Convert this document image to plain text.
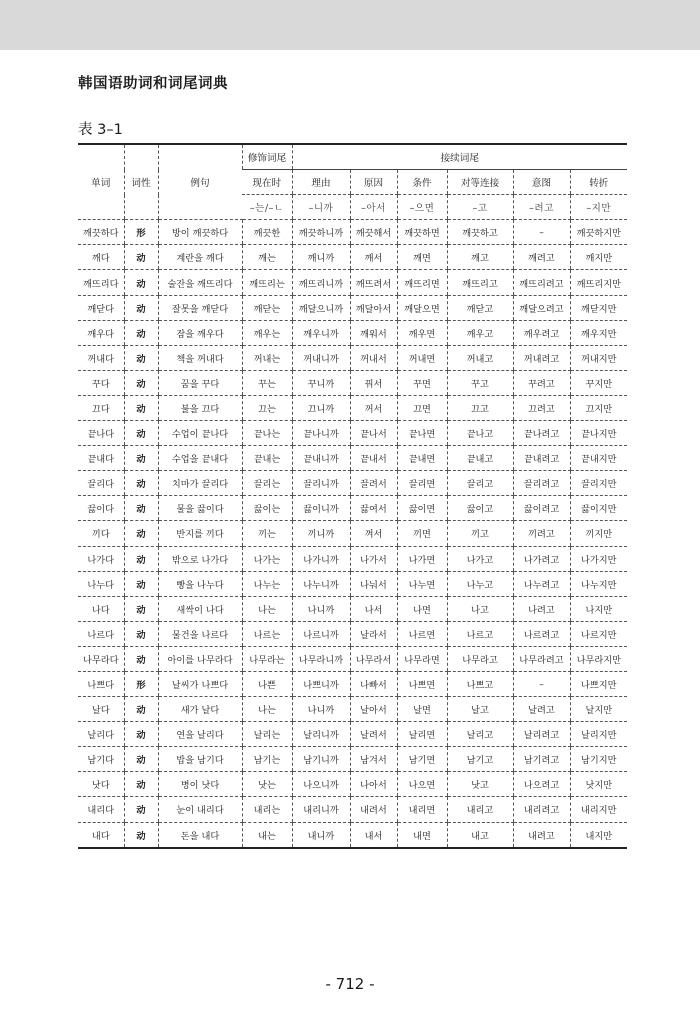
韩国语助词和词尾词典
表 3–1
单词	词性	例句	修饰词尾	接续词尾					
			现在时	理由	原因	条件	对等连接	意图	转折
			–는/–ㄴ	–니까	–아서	–으면	–고	–려고	–지만
깨끗하다	形	방이 깨끗하다	깨끗한	깨끗하니까	깨끗해서	깨끗하면	깨끗하고	–	깨끗하지만
깨다	动	계란을 깨다	깨는	깨니까	깨서	깨면	깨고	깨려고	깨지만
깨뜨리다	动	술잔을 깨뜨리다	깨뜨리는	깨뜨리니까	깨뜨려서	깨뜨리면	깨뜨리고	깨뜨리려고	깨뜨리지만
깨닫다	动	잘못을 깨닫다	깨닫는	깨달으니까	깨달아서	깨달으면	깨닫고	깨달으려고	깨닫지만
깨우다	动	잠을 깨우다	깨우는	깨우니까	깨워서	깨우면	깨우고	깨우려고	깨우지만
꺼내다	动	책을 꺼내다	꺼내는	꺼내니까	꺼내서	꺼내면	꺼내고	꺼내려고	꺼내지만
꾸다	动	꿈을 꾸다	꾸는	꾸니까	꿔서	꾸면	꾸고	꾸려고	꾸지만
끄다	动	불을 끄다	끄는	끄니까	꺼서	끄면	끄고	끄려고	끄지만
끝나다	动	수업이 끝나다	끝나는	끝나니까	끝나서	끝나면	끝나고	끝나려고	끝나지만
끝내다	动	수업을 끝내다	끝내는	끝내니까	끝내서	끝내면	끝내고	끝내려고	끝내지만
끌리다	动	치마가 끌리다	끌리는	끌리니까	끌려서	끌리면	끌리고	끌리려고	끌리지만
끓이다	动	물을 끓이다	끓이는	끓이니까	끓여서	끓이면	끓이고	끓이려고	끓이지만
끼다	动	반지를 끼다	끼는	끼니까	껴서	끼면	끼고	끼려고	끼지만
나가다	动	밖으로 나가다	나가는	나가니까	나가서	나가면	나가고	나가려고	나가지만
나누다	动	빵을 나누다	나누는	나누니까	나눠서	나누면	나누고	나누려고	나누지만
나다	动	새싹이 나다	나는	나니까	나서	나면	나고	나려고	나지만
나르다	动	물건을 나르다	나르는	나르니까	날라서	나르면	나르고	나르려고	나르지만
나무라다	动	아이를 나무라다	나무라는	나무라니까	나무라서	나무라면	나무라고	나무라려고	나무라지만
나쁘다	形	날씨가 나쁘다	나쁜	나쁘니까	나빠서	나쁘면	나쁘고	–	나쁘지만
날다	动	새가 날다	나는	나니까	날아서	날면	날고	날려고	날지만
날리다	动	연을 날리다	날리는	날리니까	날려서	날리면	날리고	날리려고	날리지만
남기다	动	밥을 남기다	남기는	남기니까	남겨서	남기면	남기고	남기려고	남기지만
낫다	动	병이 낫다	낫는	나으니까	나아서	나으면	낫고	나으려고	낫지만
내리다	动	눈이 내리다	내리는	내리니까	내려서	내리면	내리고	내리려고	내리지만
내다	动	돈을 내다	내는	내니까	내서	내면	내고	내려고	내지만
- 712 -
